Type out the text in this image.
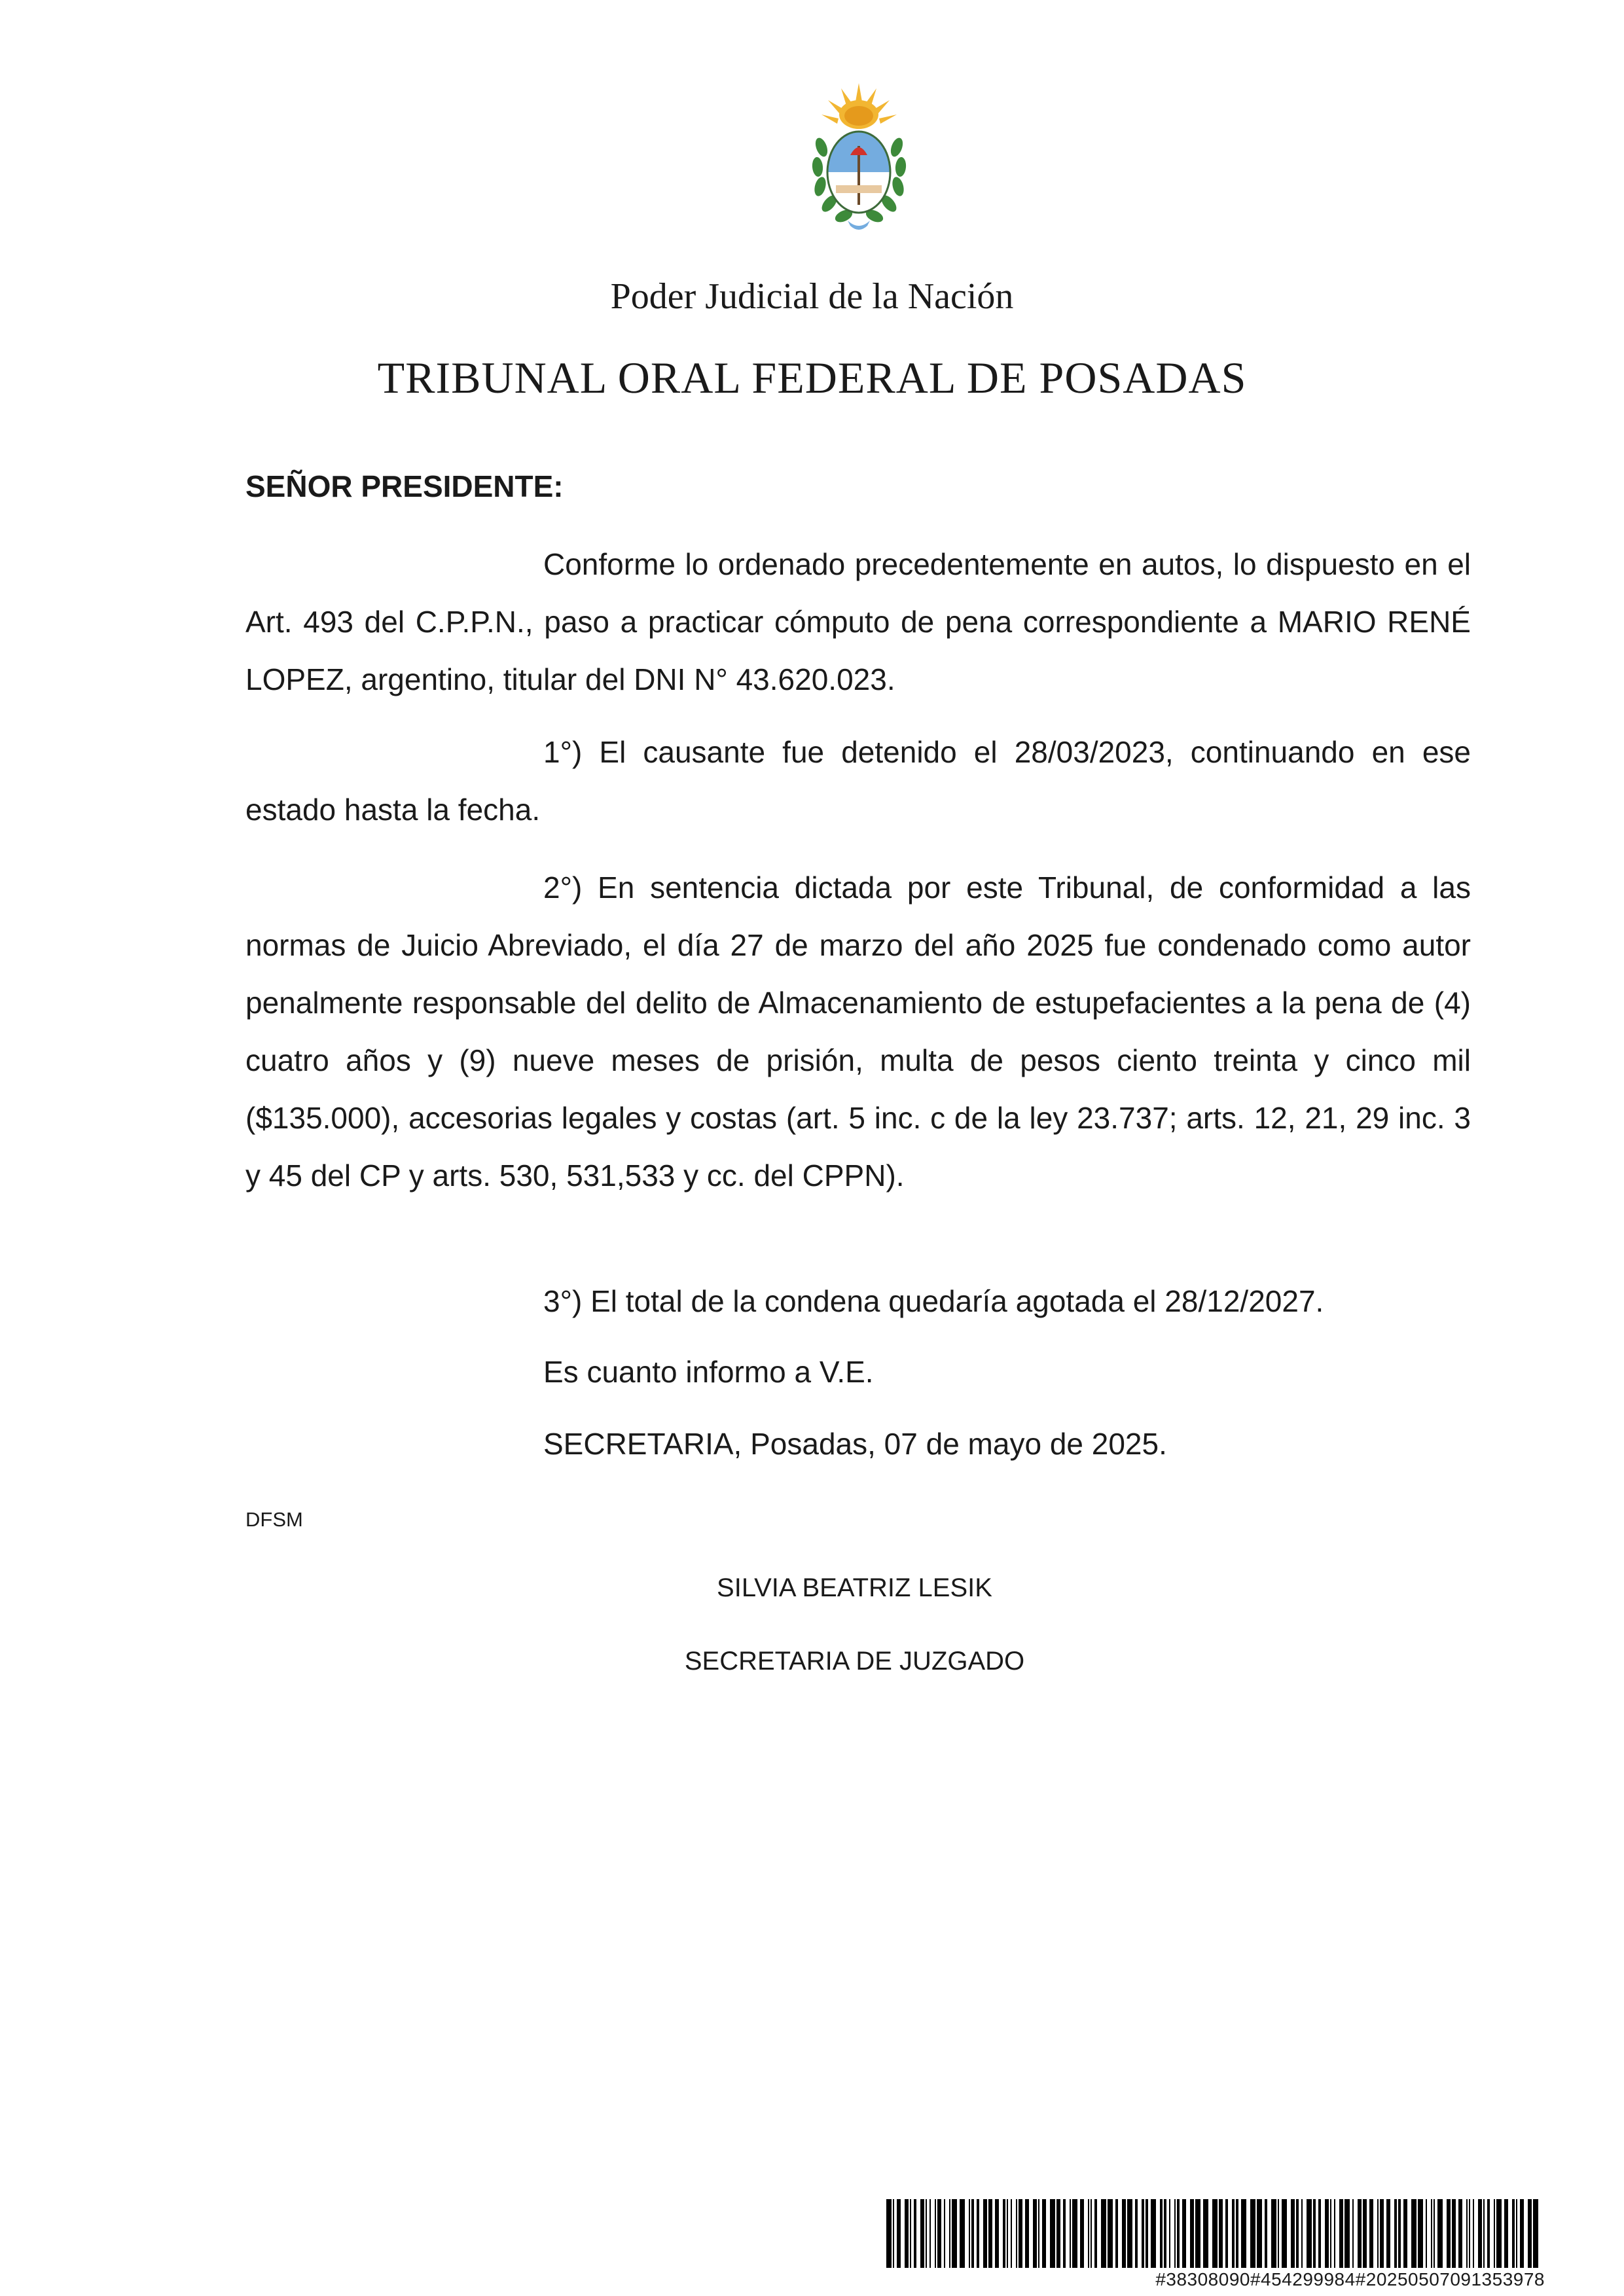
Poder Judicial de la Nación
TRIBUNAL ORAL FEDERAL DE POSADAS
SEÑOR PRESIDENTE:

Conforme lo ordenado precedentemente en autos, lo dispuesto en el Art. 493 del C.P.P.N., paso a practicar cómputo de pena correspondiente a MARIO RENÉ LOPEZ, argentino, titular del DNI N° 43.620.023.

1°) El causante fue detenido el 28/03/2023, continuando en ese estado hasta la fecha.

2°) En sentencia dictada por este Tribunal, de conformidad a las normas de Juicio Abreviado, el día 27 de marzo del año 2025 fue condenado como autor penalmente responsable del delito de Almacenamiento de estupefacientes a la pena de (4) cuatro años y (9) nueve meses de prisión, multa de pesos ciento treinta y cinco mil ($135.000), accesorias legales y costas (art. 5 inc. c de la ley 23.737; arts. 12, 21, 29 inc. 3 y 45 del CP y arts. 530, 531,533 y cc. del CPPN).

3°) El total de la condena quedaría agotada el 28/12/2027.

Es cuanto informo a V.E.

SECRETARIA, Posadas, 07 de mayo de 2025.

DFSM
SILVIA BEATRIZ LESIK
SECRETARIA DE JUZGADO
#38308090#454299984#20250507091353978
